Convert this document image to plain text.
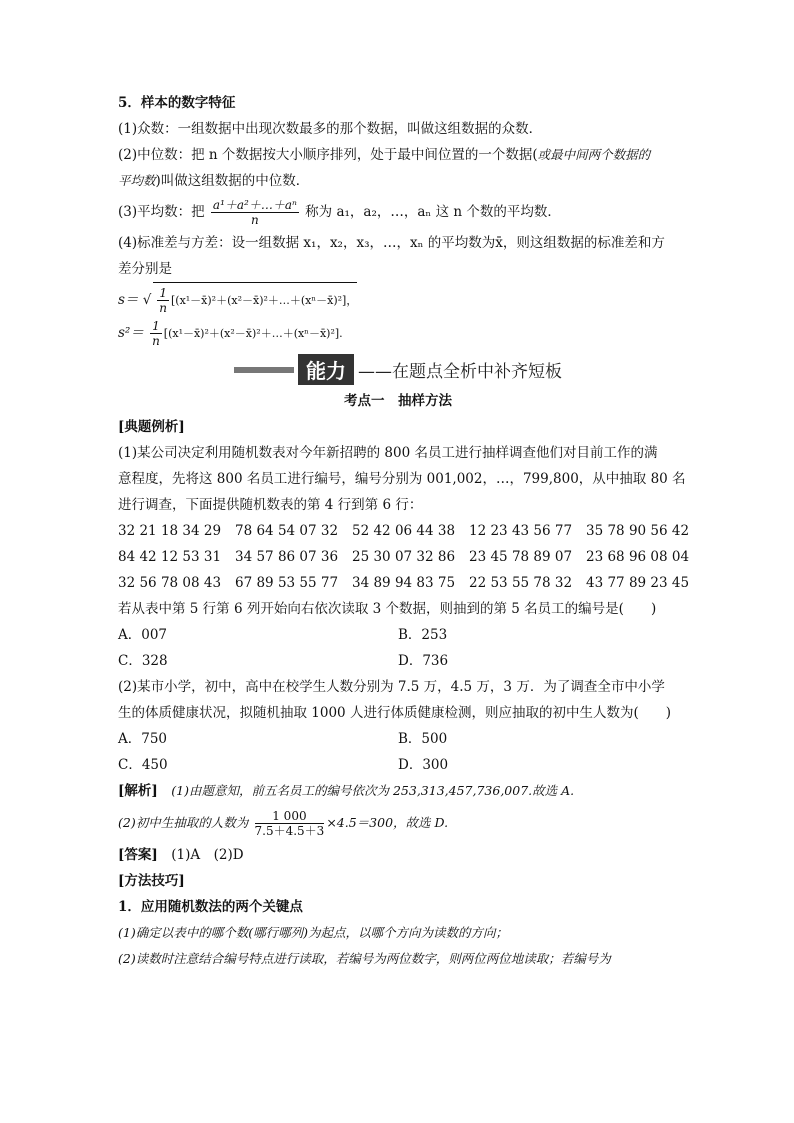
5．样本的数字特征
(1)众数：一组数据中出现次数最多的那个数据，叫做这组数据的众数．
(2)中位数：把 n 个数据按大小顺序排列，处于最中间位置的一个数据(或最中间两个数据的
平均数)叫做这组数据的中位数．
(3)平均数：把 $\frac{\text{a¹＋a²＋…＋aⁿ}}{n}$ 称为 a₁，a₂，…，aₙ 这 n 个数的平均数．
(4)标准差与方差：设一组数据 x₁，x₂，x₃，…，xₙ 的平均数为x̄，则这组数据的标准差和方
差分别是
s＝ √ $\frac{1}{n}$ [(x¹－x̄)²＋(x²－x̄)²＋…＋(xⁿ－x̄)²]，
$s^2= \frac{1}{n}$ [(x¹－x̄)²＋(x²－x̄)²＋…＋(xⁿ－x̄)²].
能力 ——在题点全析中补齐短板
考点一　抽样方法
[典题例析]
(1)某公司决定利用随机数表对今年新招聘的 800 名员工进行抽样调查他们对目前工作的满
意程度，先将这 800 名员工进行编号，编号分别为 001,002，…，799,800，从中抽取 80 名
进行调查，下面提供随机数表的第 4 行到第 6 行：
32 21 18 34 29 78 64 54 07 32 52 42 06 44 38 12 23 43 56 77 35 78 90 56 42
84 42 12 53 31 34 57 86 07 36 25 30 07 32 86 23 45 78 89 07 23 68 96 08 04
32 56 78 08 43 67 89 53 55 77 34 89 94 83 75 22 53 55 78 32 43 77 89 23 45
若从表中第 5 行第 6 列开始向右依次读取 3 个数据，则抽到的第 5 名员工的编号是(　　)
A．007	B．253
C．328	D．736
(2)某市小学，初中，高中在校学生人数分别为 7.5 万，4.5 万，3 万．为了调查全市中小学
生的体质健康状况，拟随机抽取 1000 人进行体质健康检测，则应抽取的初中生人数为(　　)
A．750	B．500
C．450	D．300
[解析]　 (1)由题意知，前五名员工的编号依次为 253,313,457,736,007.故选 A.
(2)初中生抽取的人数为 $\frac{1 000}{7.5+4.5+3} \times 4.5=300$，故选 D.
[答案]　 (1)A　(2)D
[方法技巧]
1．应用随机数法的两个关键点
(1)确定以表中的哪个数(哪行哪列)为起点，以哪个方向为读数的方向；
(2)读数时注意结合编号特点进行读取，若编号为两位数字，则两位两位地读取；若编号为
